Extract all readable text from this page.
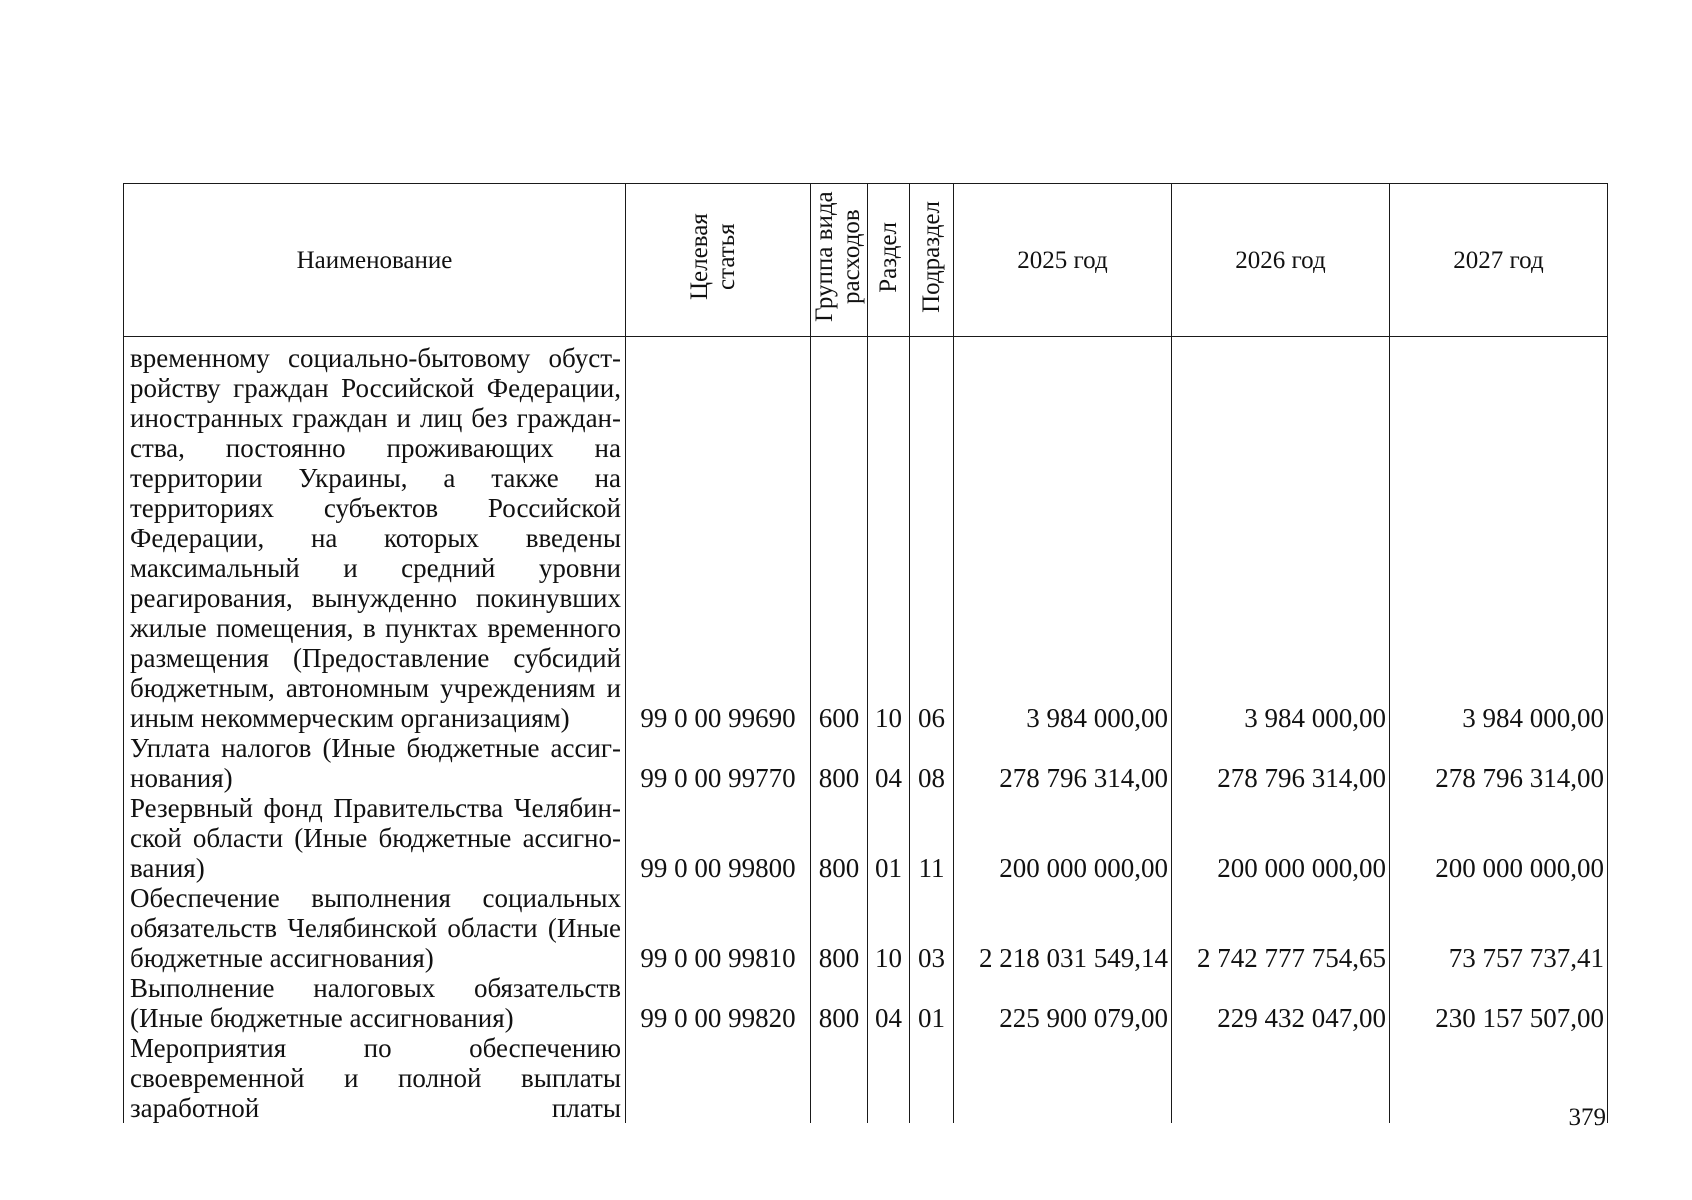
Наименование	Целевая статья	Группа вида расходов	Раздел	Подраздел	2025 год	2026 год	2027 год
временному социально-бытовому обустройству граждан Российской Федерации, иностранных граждан и лиц без гражданства, постоянно проживающих на территории Украины, а также на территориях субъектов Российской Федерации, на которых введены максимальный и средний уровни реагирования, вынужденно покинувших жилые помещения, в пунктах временного размещения (Предоставление субсидий бюджетным, автономным учреждениям и иным некоммерческим организациям)	99 0 00 99690	600	10	06	3 984 000,00	3 984 000,00	3 984 000,00
Уплата налогов (Иные бюджетные ассигнования)	99 0 00 99770	800	04	08	278 796 314,00	278 796 314,00	278 796 314,00
Резервный фонд Правительства Челябинской области (Иные бюджетные ассигнования)	99 0 00 99800	800	01	11	200 000 000,00	200 000 000,00	200 000 000,00
Обеспечение выполнения социальных обязательств Челябинской области (Иные бюджетные ассигнования)	99 0 00 99810	800	10	03	2 218 031 549,14	2 742 777 754,65	73 757 737,41
Выполнение налоговых обязательств (Иные бюджетные ассигнования)	99 0 00 99820	800	04	01	225 900 079,00	229 432 047,00	230 157 507,00
Мероприятия по обеспечению своевременной и полной выплаты заработной платы								379
